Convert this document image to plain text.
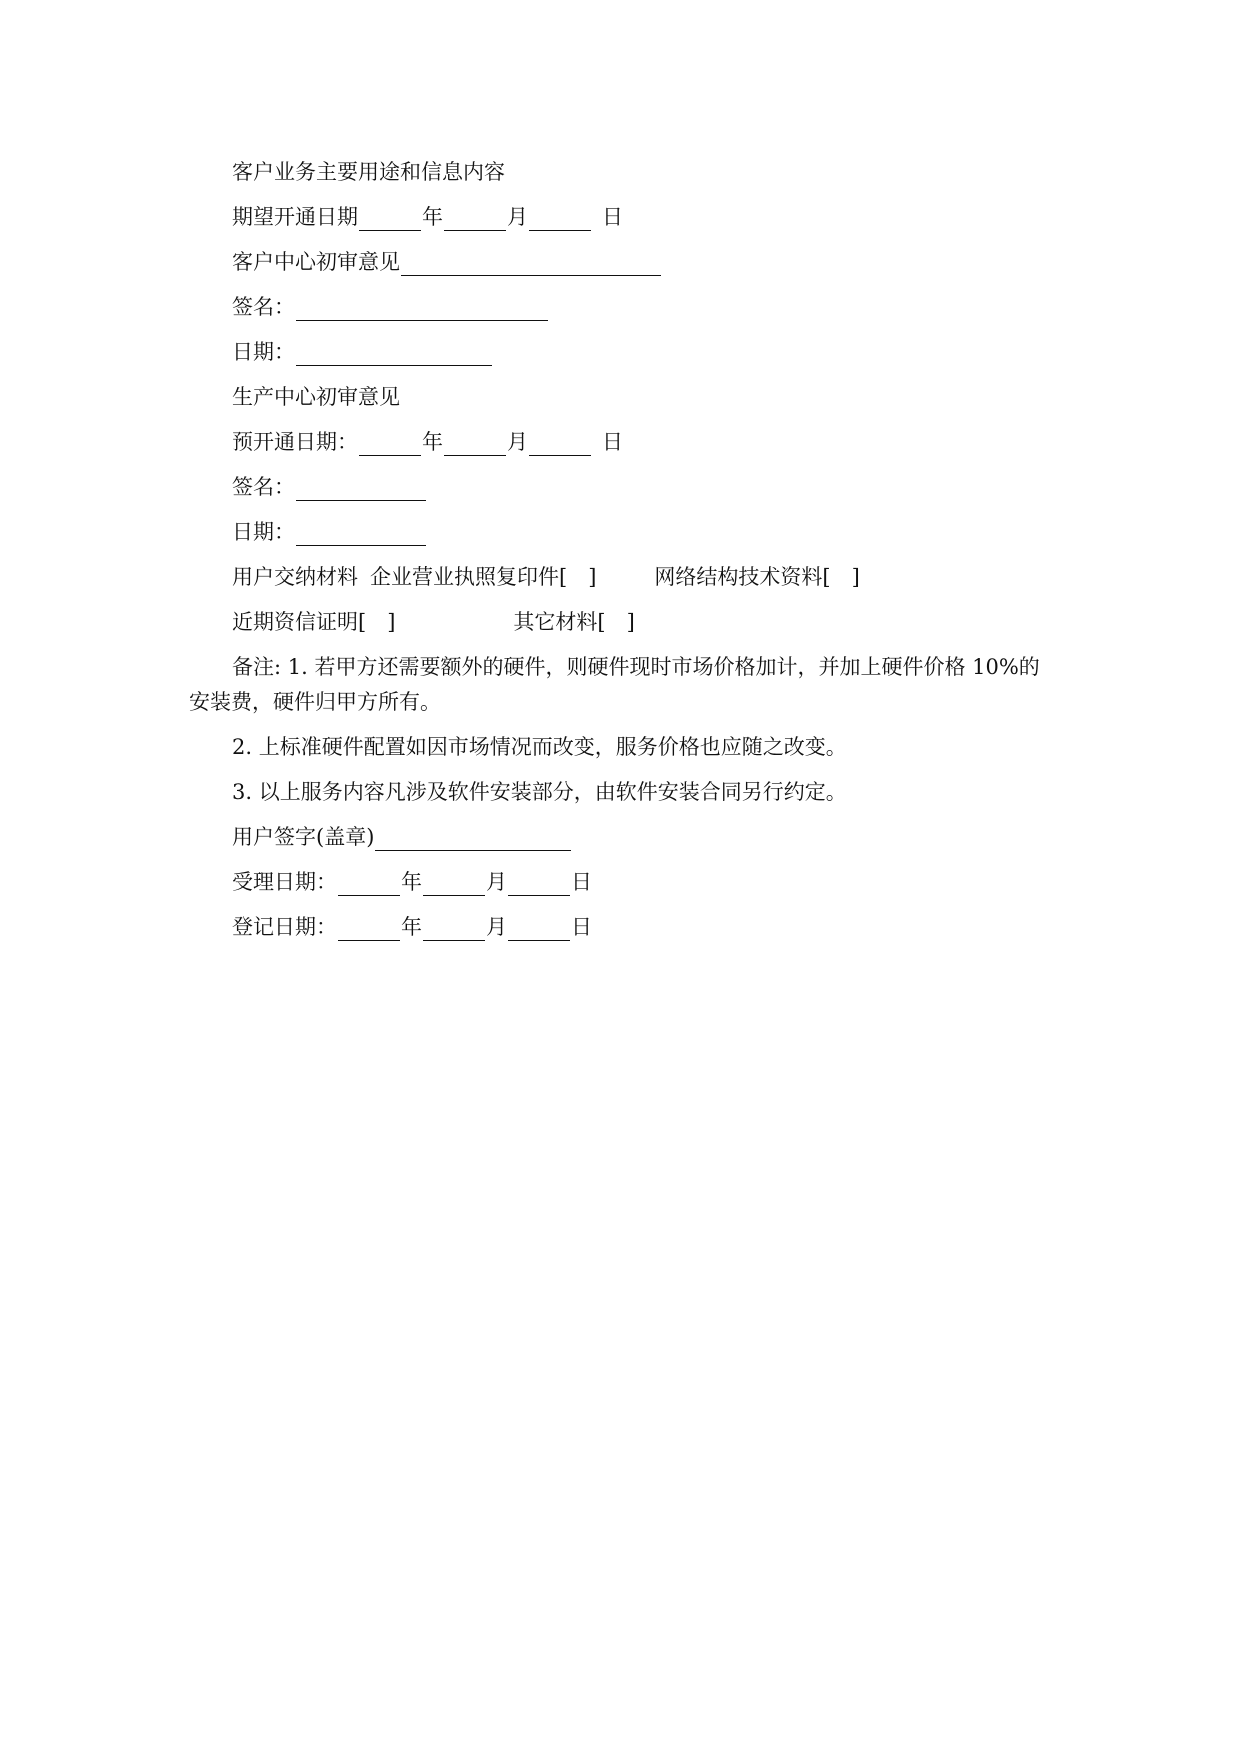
客户业务主要用途和信息内容
期望开通日期	年	月	日
客户中心初审意见
签名：
日期：
生产中心初审意见
预开通日期：	年	月	日
签名：
日期：
用户交纳材料 企业营业执照复印件[　]	网络结构技术资料[　]
近期资信证明[　]	其它材料[　]
备注: 1. 若甲方还需要额外的硬件，则硬件现时市场价格加计，并加上硬件价格 10%的
安装费，硬件归甲方所有。
2. 上标准硬件配置如因市场情况而改变，服务价格也应随之改变。
3. 以上服务内容凡涉及软件安装部分，由软件安装合同另行约定。
用户签字(盖章)
受理日期：	年	月	日
登记日期：	年	月	日
